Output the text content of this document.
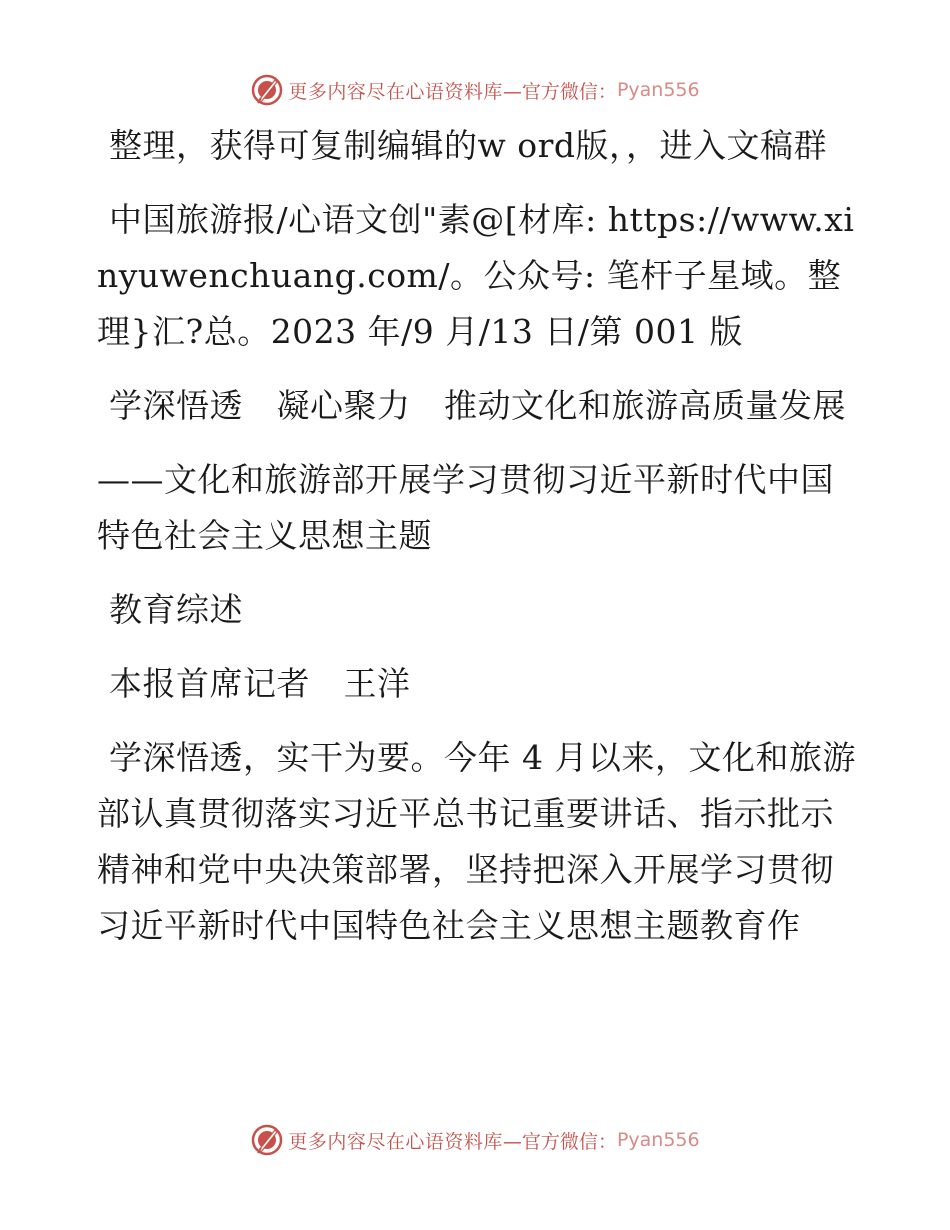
更多内容尽在心语资料库 —官方微信： Pyan556

整理，获得可复制编辑的w ord版，，进入文稿群

中国旅游报/心语文创"素@[材库: https://www.xinyuwenchuang.com/。公众号: 笔杆子星域。整理}汇?总。2023 年/9 月/13 日/第 001 版

学深悟透　凝心聚力　推动文化和旅游高质量发展

——文化和旅游部开展学习贯彻习近平新时代中国特色社会主义思想主题

教育综述

本报首席记者　王洋

学深悟透，实干为要。今年 4 月以来，文化和旅游部认真贯彻落实习近平总书记重要讲话、指示批示精神和党中央决策部署，坚持把深入开展学习贯彻习近平新时代中国特色社会主义思想主题教育作

更多内容尽在心语资料库 —官方微信： Pyan556
